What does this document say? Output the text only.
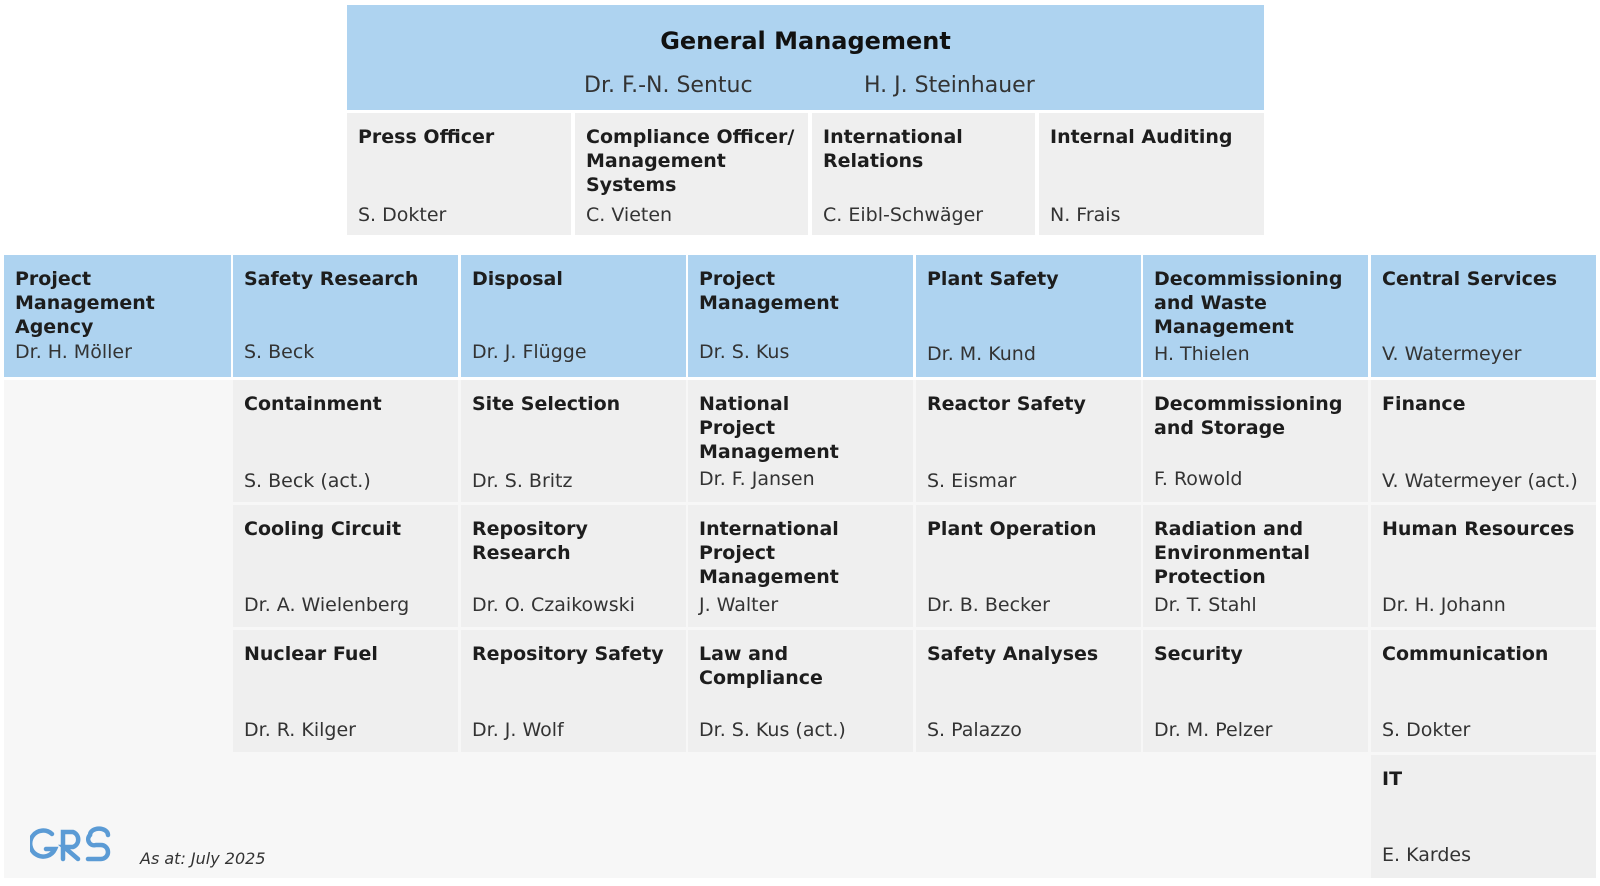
General Management
Dr. F.-N. Sentuc	H. J. Steinhauer
Press Officer
S. Dokter
Compliance Officer/
Management Systems
C. Vieten
International
Relations
C. Eibl-Schwäger
Internal Auditing
N. Frais
Project Management
Agency
Dr. H. Möller
Safety Research
S. Beck
Disposal
Dr. J. Flügge
Project
Management
Dr. S. Kus
Plant Safety
Dr. M. Kund
Decommissioning
and Waste
Management
H. Thielen
Central Services
V. Watermeyer
Containment
S. Beck (act.)
Cooling Circuit
Dr. A. Wielenberg
Nuclear Fuel
Dr. R. Kilger
Site Selection
Dr. S. Britz
Repository Research
Dr. O. Czaikowski
Repository Safety
Dr. J. Wolf
National
Project Management
Dr. F. Jansen
International
Project Management
J. Walter
Law and Compliance
Dr. S. Kus (act.)
Reactor Safety
S. Eismar
Plant Operation
Dr. B. Becker
Safety Analyses
S. Palazzo
Decommissioning
and Storage
F. Rowold
Radiation and
Environmental
Protection
Dr. T. Stahl
Security
Dr. M. Pelzer
Finance
V. Watermeyer (act.)
Human Resources
Dr. H. Johann
Communication
S. Dokter
IT
E. Kardes
As at: July 2025
